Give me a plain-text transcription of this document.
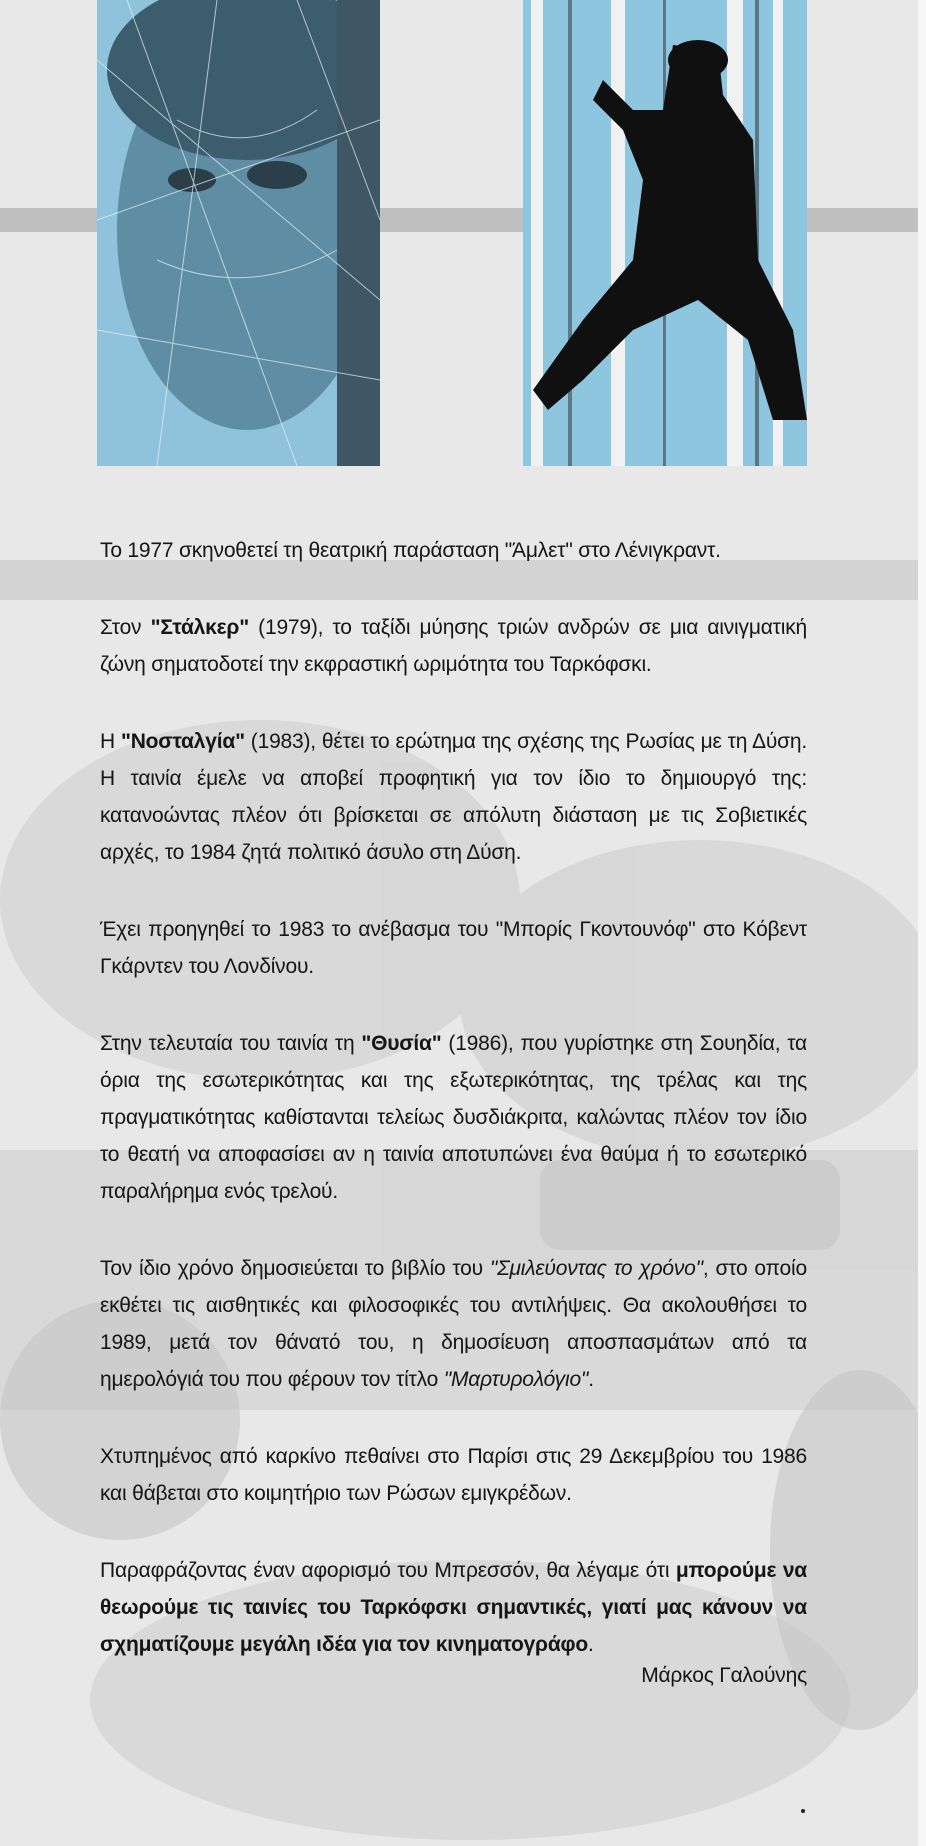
Το 1977 σκηνοθετεί τη θεατρική παράσταση "Άμλετ" στο Λένιγκραντ.

Στον "Στάλκερ" (1979), το ταξίδι μύησης τριών ανδρών σε μια αινιγματική ζώνη σηματοδοτεί την εκφραστική ωριμότητα του Ταρκόφσκι.

Η "Νοσταλγία" (1983), θέτει το ερώτημα της σχέσης της Ρωσίας με τη Δύση. Η ταινία έμελε να αποβεί προφητική για τον ίδιο το δημιουργό της: κατανοώντας πλέον ότι βρίσκεται σε απόλυτη διάσταση με τις Σοβιετικές αρχές, το 1984 ζητά πολιτικό άσυλο στη Δύση.

Έχει προηγηθεί το 1983 το ανέβασμα του "Μπορίς Γκοντουνόφ" στο Κόβεντ Γκάρντεν του Λονδίνου.

Στην τελευταία του ταινία τη "Θυσία" (1986), που γυρίστηκε στη Σουηδία, τα όρια της εσωτερικότητας και της εξωτερικότητας, της τρέλας και της πραγματικότητας καθίστανται τελείως δυσδιάκριτα, καλώντας πλέον τον ίδιο το θεατή να αποφασίσει αν η ταινία αποτυπώνει ένα θαύμα ή το εσωτερικό παραλήρημα ενός τρελού.

Τον ίδιο χρόνο δημοσιεύεται το βιβλίο του "Σμιλεύοντας το χρόνο", στο οποίο εκθέτει τις αισθητικές και φιλοσοφικές του αντιλήψεις. Θα ακολουθήσει το 1989, μετά τον θάνατό του, η δημοσίευση αποσπασμάτων από τα ημερολόγιά του που φέρουν τον τίτλο "Μαρτυρολόγιο".

Χτυπημένος από καρκίνο πεθαίνει στο Παρίσι στις 29 Δεκεμβρίου του 1986 και θάβεται στο κοιμητήριο των Ρώσων εμιγκρέδων.

Παραφράζοντας έναν αφορισμό του Μπρεσσόν, θα λέγαμε ότι μπορούμε να θεωρούμε τις ταινίες του Ταρκόφσκι σημαντικές, γιατί μας κάνουν να σχηματίζουμε μεγάλη ιδέα για τον κινηματογράφο.

Μάρκος Γαλούνης
